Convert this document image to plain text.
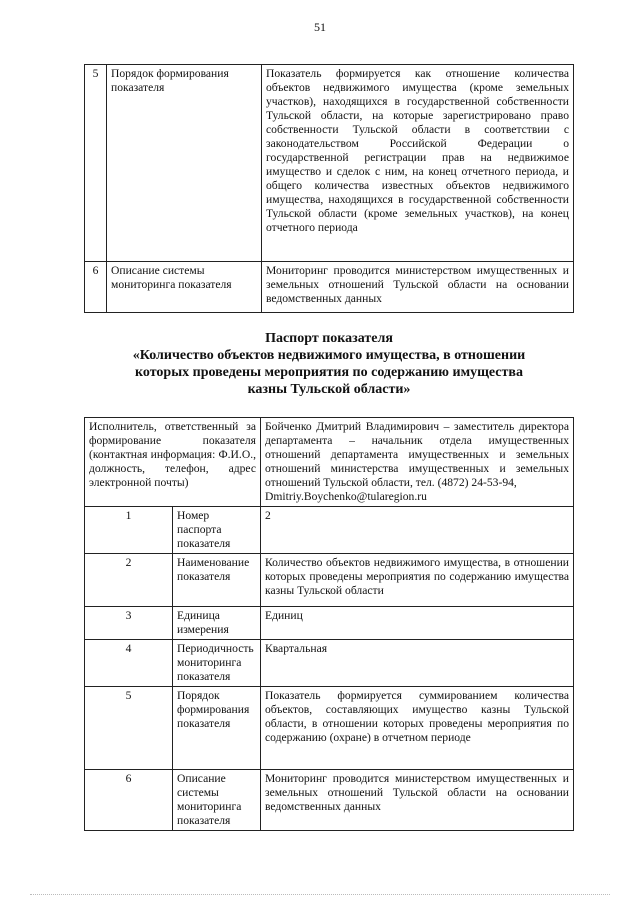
51
5	Порядок формирования показателя	Показатель формируется как отношение количества объектов недвижимого имущества (кроме земельных участков), находящихся в государственной собственности Тульской области, на которые зарегистрировано право собственности Тульской области в соответствии с законодательством Российской Федерации о государственной регистрации прав на недвижимое имущество и сделок с ним, на конец отчетного периода, и общего количества известных объектов недвижимого имущества, находящихся в государственной собственности Тульской области (кроме земельных участков), на конец отчетного периода
6	Описание системы мониторинга показателя	Мониторинг проводится министерством имущественных и земельных отношений Тульской области на основании ведомственных данных
Паспорт показателя
«Количество объектов недвижимого имущества, в отношении
которых проведены мероприятия по содержанию имущества
казны Тульской области»
Исполнитель, ответственный за формирование показателя (контактная информация: Ф.И.О., должность, телефон, адрес электронной почты)		Бойченко Дмитрий Владимирович – заместитель директора департамента – начальник отдела имущественных отношений департамента имущественных и земельных отношений министерства имущественных и земельных отношений Тульской области, тел. (4872) 24-53-94,
Dmitriy.Boychenko@tularegion.ru

1	Номер паспорта показателя	2
2	Наименование показателя	Количество объектов недвижимого имущества, в отношении которых проведены мероприятия по содержанию имущества казны Тульской области
3	Единица измерения	Единиц
4	Периодичность мониторинга показателя	Квартальная
5	Порядок формирования показателя	Показатель формируется суммированием количества объектов, составляющих имущество казны Тульской области, в отношении которых проведены мероприятия по содержанию (охране) в отчетном периоде
6	Описание системы мониторинга показателя	Мониторинг проводится министерством имущественных и земельных отношений Тульской области на основании ведомственных данных
